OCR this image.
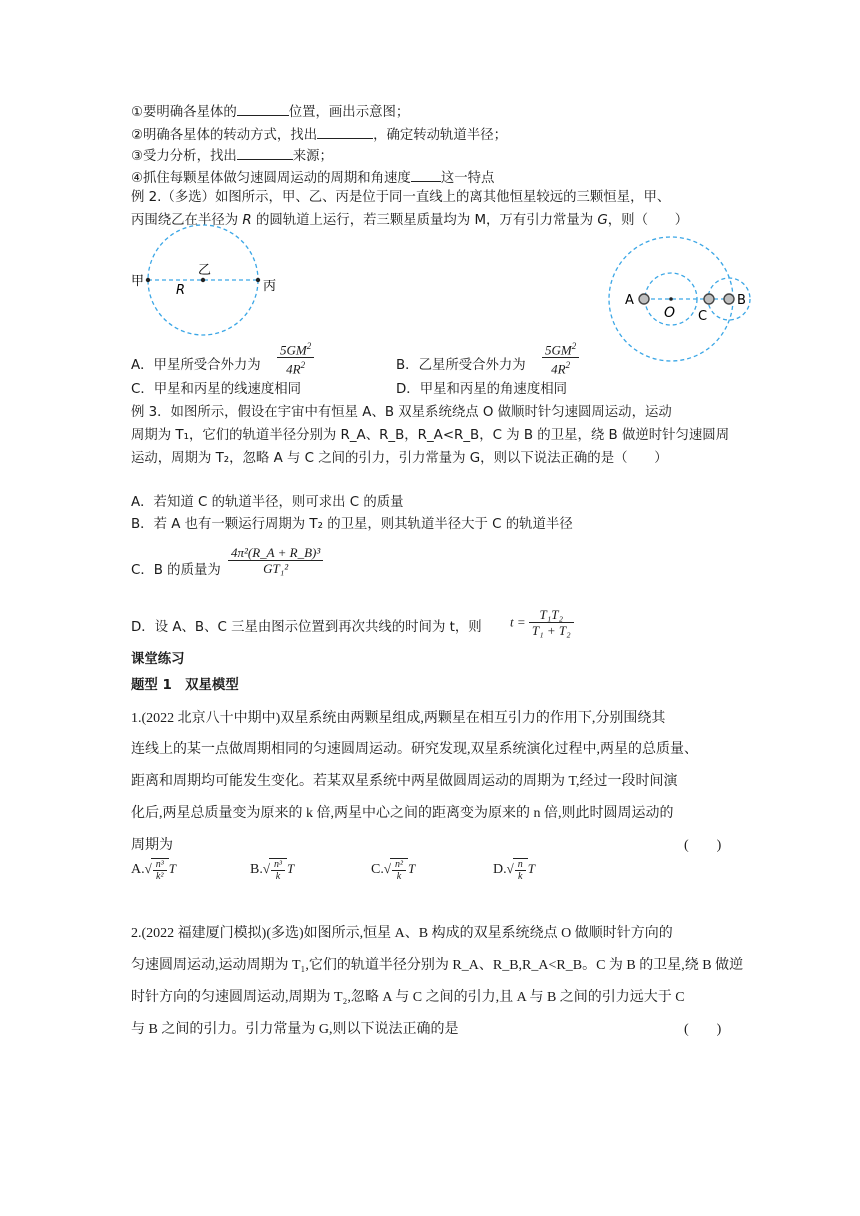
①要明确各星体的	位置，画出示意图；
②明确各星体的转动方式，找出	，确定转动轨道半径；
③受力分析，找出	来源；
④抓住每颗星体做匀速圆周运动的周期和角速度 这一特点
例 2.（多选）如图所示，甲、乙、丙是位于同一直线上的离其他恒星较远的三颗恒星，甲、
丙围绕乙在半径为 R 的圆轨道上运行，若三颗星质量均为 M，万有引力常量为 G，则（　　）
甲
乙
丙
R
A
O C
B
A．甲星所受合外力为 $\frac{5GM^2}{4R^2}$	B．乙星所受合外力为 $\frac{5GM^2}{4R^2}$
C．甲星和丙星的线速度相同	D．甲星和丙星的角速度相同
例 3．如图所示，假设在宇宙中有恒星 A、B 双星系统绕点 O 做顺时针匀速圆周运动，运动
周期为 T₁，它们的轨道半径分别为 R_A、R_B，R_A<R_B，C 为 B 的卫星，绕 B 做逆时针匀速圆周
运动，周期为 T₂，忽略 A 与 C 之间的引力，引力常量为 G，则以下说法正确的是（　　）
A．若知道 C 的轨道半径，则可求出 C 的质量
B．若 A 也有一颗运行周期为 T₂ 的卫星，则其轨道半径大于 C 的轨道半径
C．B 的质量为 $\frac{\text{4π²(R\_A + R\_B)³}}{\text{GT₁²}}$
D．设 A、B、C 三星由图示位置到再次共线的时间为 t，则 $t = \frac{\text{T₁T₂}}{\text{T₁ + T₂}}$
课堂练习
题型 1　双星模型
1.(2022 北京八十中期中)双星系统由两颗星组成,两颗星在相互引力的作用下,分别围绕其
连线上的某一点做周期相同的匀速圆周运动。研究发现,双星系统演化过程中,两星的总质量、
距离和周期均可能发生变化。若某双星系统中两星做圆周运动的周期为 T,经过一段时间演
化后,两星总质量变为原来的 k 倍,两星中心之间的距离变为原来的 n 倍,则此时圆周运动的
周期为	(　　)
$A.√ \frac{\text{n³}}{\text{k²}}$ T	$B.√ \frac{\text{n³}}{k}$ T	$C.√ \frac{\text{n²}}{k}$ T	$D.√ \frac{n}{k}$ T
2.(2022 福建厦门模拟)(多选)如图所示,恒星 A、B 构成的双星系统绕点 O 做顺时针方向的
匀速圆周运动,运动周期为 T₁,它们的轨道半径分别为 R_A、R_B,R_A<R_B。C 为 B 的卫星,绕 B 做逆
时针方向的匀速圆周运动,周期为 T₂,忽略 A 与 C 之间的引力,且 A 与 B 之间的引力远大于 C
与 B 之间的引力。引力常量为 G,则以下说法正确的是	(　　)
